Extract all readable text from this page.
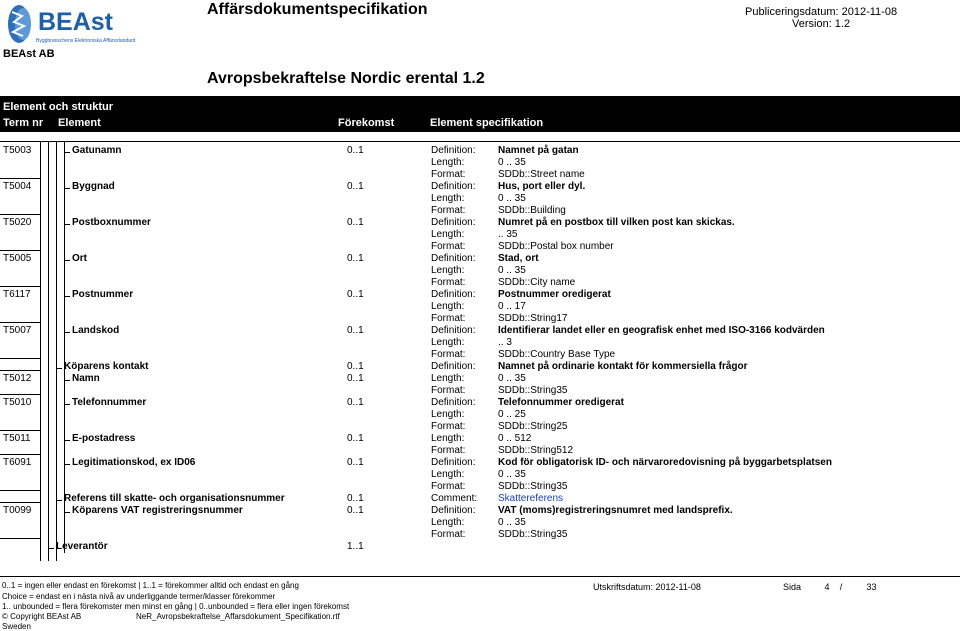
BEAst
Byggbranschens Elektroniska Affärsstandard
Affärsdokumentspecifikation	Publiceringsdatum: 2012-11-08
Version: 1.2
BEAst AB
Avropsbekraftelse Nordic erental 1.2
Element och struktur
Term nr Element	Förekomst	Element specifikation
T5003	Gatunamn	0..1	Definition: Namnet på gatan
Length:	0 .. 35
Format:	SDDb::Street name
T5004	Byggnad	0..1	Definition: Hus, port eller dyl.
Length:	0 .. 35
Format:	SDDb::Building
T5020	Postboxnummer	0..1	Definition: Numret på en postbox till vilken post kan skickas.
Length:	.. 35
Format:	SDDb::Postal box number
T5005	Ort	0..1	Definition: Stad, ort
Length:	0 .. 35
Format:	SDDb::City name
T6117	Postnummer	0..1	Definition: Postnummer oredigerat
Length:	0 .. 17
Format:	SDDb::String17
T5007	Landskod	0..1	Definition: Identifierar landet eller en geografisk enhet med ISO-3166 kodvärden
Length:	.. 3
Format:	SDDb::Country Base Type
Köparens kontakt	0..1	Definition: Namnet på ordinarie kontakt för kommersiella frågor
T5012	Namn	0..1	Length:	0 .. 35
Format:	SDDb::String35
T5010	Telefonnummer	0..1	Definition: Telefonnummer oredigerat
Length:	0 .. 25
Format:	SDDb::String25
T5011	E-postadress	0..1	Length:	0 .. 512
Format:	SDDb::String512
T6091	Legitimationskod, ex ID06	0..1	Definition: Kod för obligatorisk ID- och närvaroredovisning på byggarbetsplatsen
Length:	0 .. 35
Format:	SDDb::String35
Referens till skatte- och organisationsnummer	0..1	Comment: Skattereferens
T0099	Köparens VAT registreringsnummer	0..1	Definition: VAT (moms)registreringsnumret med landsprefix.
Length:	0 .. 35
Format:	SDDb::String35
Leverantör	1..1
0..1 = ingen eller endast en förekomst | 1..1 = förekommer alltid och endast en gång
Choice = endast en i nästa nivå av underliggande termer/klasser förekommer
1.. unbounded = flera förekomster men minst en gång | 0..unbounded = flera eller ingen förekomst
© Copyright BEAst AB
Sweden
NeR_Avropsbekraftelse_Affarsdokument_Specifikation.rtf
Utskriftsdatum: 2012-11-08	Sida	4 /	33
